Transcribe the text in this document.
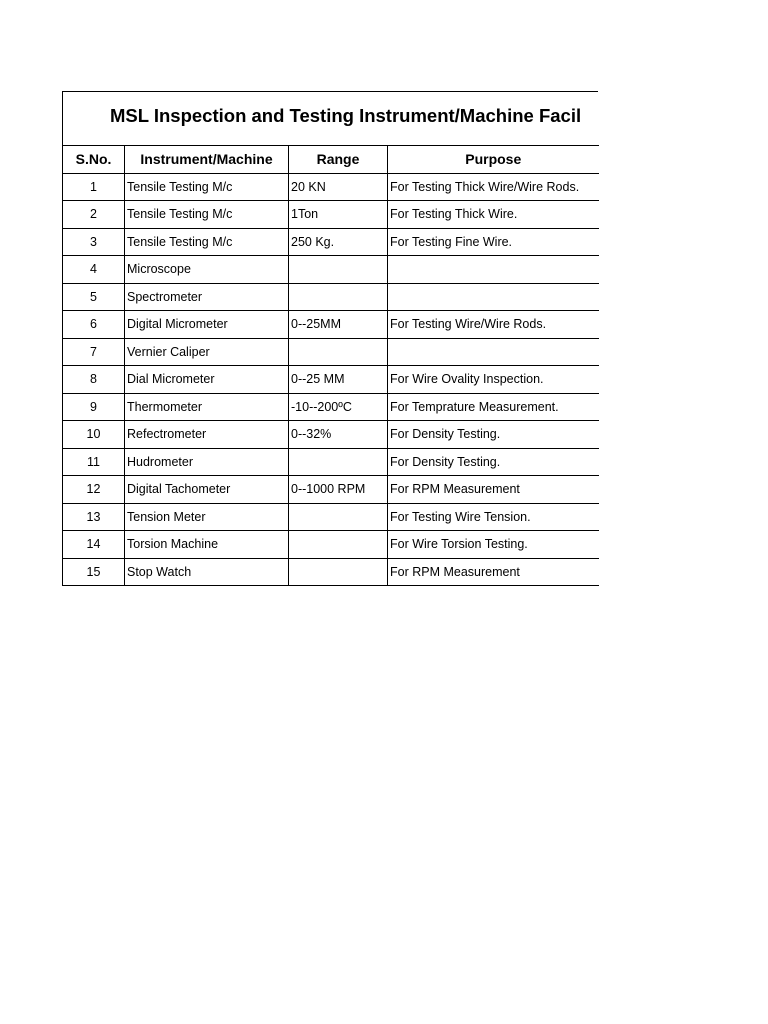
MSL Inspection and Testing Instrument/Machine Facil
S.No.	Instrument/Machine	Range	Purpose
1	Tensile Testing M/c	20 KN	For Testing Thick Wire/Wire Rods.
2	Tensile Testing M/c	1Ton	For Testing Thick Wire.
3	Tensile Testing M/c	250 Kg.	For Testing Fine Wire.
4	Microscope		
5	Spectrometer		
6	Digital Micrometer	0--25MM	For Testing Wire/Wire Rods.
7	Vernier Caliper		
8	Dial Micrometer	0--25 MM	For Wire Ovality Inspection.
9	Thermometer	-10--200ºC	For Temprature Measurement.
10	Refectrometer	0--32%	For Density Testing.
11	Hudrometer		For Density Testing.
12	Digital Tachometer	0--1000 RPM	For RPM Measurement
13	Tension Meter		For Testing Wire Tension.
14	Torsion Machine		For Wire Torsion Testing.
15	Stop Watch		For RPM Measurement
